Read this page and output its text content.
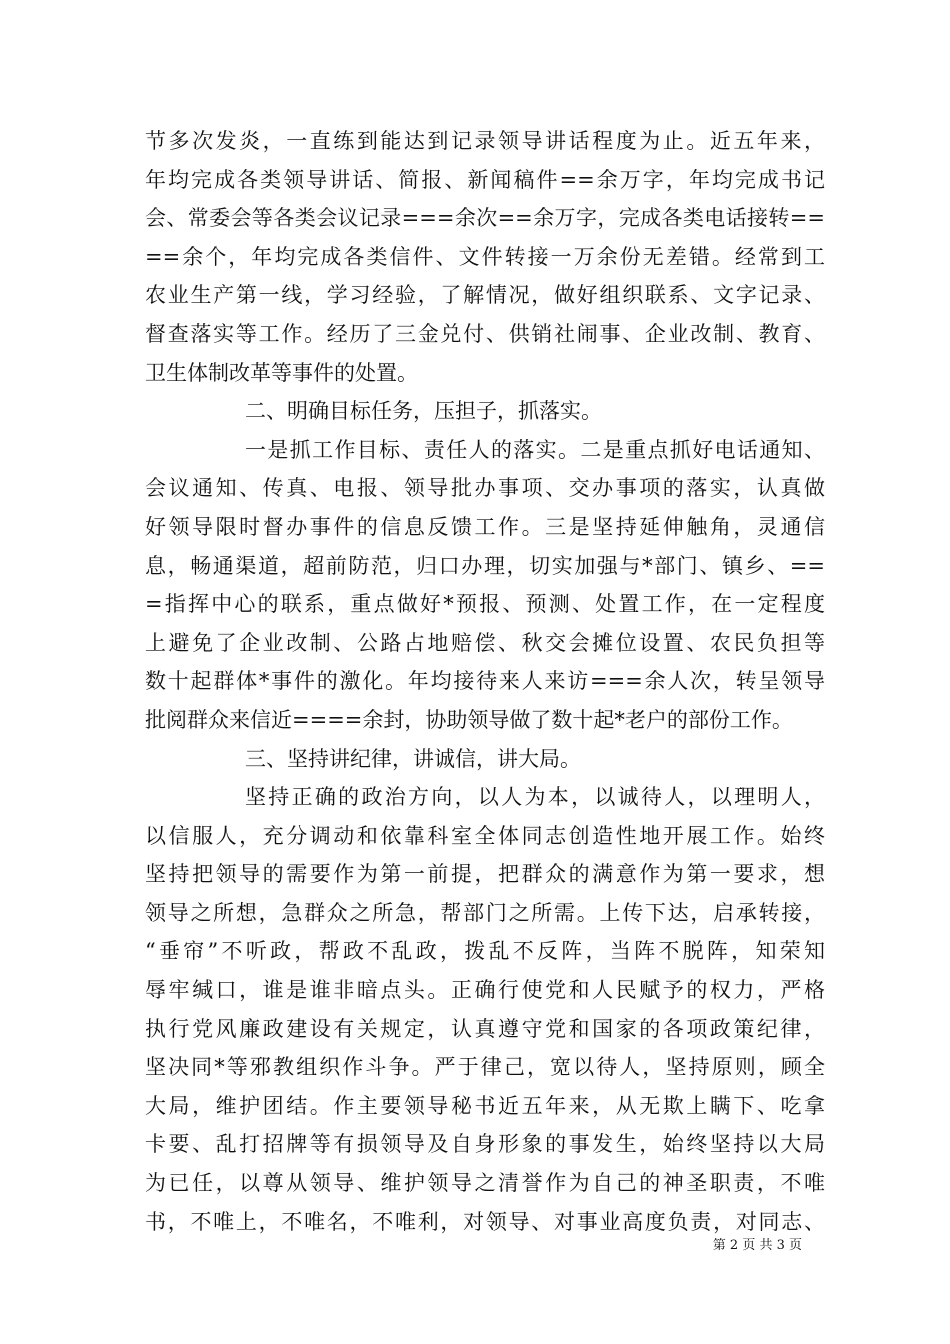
节多次发炎，一直练到能达到记录领导讲话程度为止。近五年来，
年均完成各类领导讲话、简报、新闻稿件==余万字，年均完成书记
会、常委会等各类会议记录===余次==余万字，完成各类电话接转==
==余个，年均完成各类信件、文件转接一万余份无差错。经常到工
农业生产第一线，学习经验，了解情况，做好组织联系、文字记录、
督查落实等工作。经历了三金兑付、供销社闹事、企业改制、教育、
卫生体制改革等事件的处置。
二、明确目标任务，压担子，抓落实。
一是抓工作目标、责任人的落实。二是重点抓好电话通知、
会议通知、传真、电报、领导批办事项、交办事项的落实，认真做
好领导限时督办事件的信息反馈工作。三是坚持延伸触角，灵通信
息，畅通渠道，超前防范，归口办理，切实加强与*部门、镇乡、==
=指挥中心的联系，重点做好*预报、预测、处置工作，在一定程度
上避免了企业改制、公路占地赔偿、秋交会摊位设置、农民负担等
数十起群体*事件的激化。年均接待来人来访===余人次，转呈领导
批阅群众来信近====余封，协助领导做了数十起*老户的部份工作。
三、坚持讲纪律，讲诚信，讲大局。
坚持正确的政治方向，以人为本，以诚待人，以理明人，
以信服人，充分调动和依靠科室全体同志创造性地开展工作。始终
坚持把领导的需要作为第一前提，把群众的满意作为第一要求，想
领导之所想，急群众之所急，帮部门之所需。上传下达，启承转接，
“垂帘”不听政，帮政不乱政，拨乱不反阵，当阵不脱阵，知荣知
辱牢缄口，谁是谁非暗点头。正确行使党和人民赋予的权力，严格
执行党风廉政建设有关规定，认真遵守党和国家的各项政策纪律，
坚决同*等邪教组织作斗争。严于律己，宽以待人，坚持原则，顾全
大局，维护团结。作主要领导秘书近五年来，从无欺上瞒下、吃拿
卡要、乱打招牌等有损领导及自身形象的事发生，始终坚持以大局
为已任，以尊从领导、维护领导之清誉作为自己的神圣职责，不唯
书，不唯上，不唯名，不唯利，对领导、对事业高度负责，对同志、
第 2 页 共 3 页
